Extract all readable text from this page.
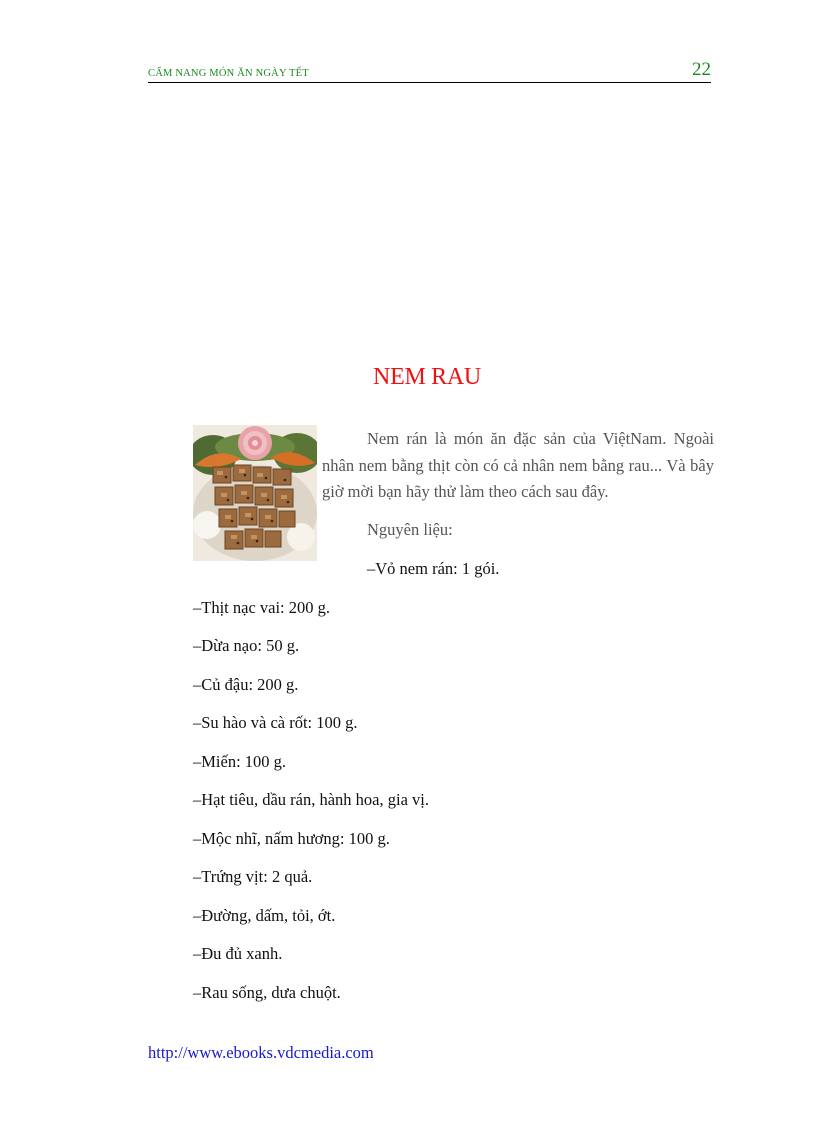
CẨM NANG MÓN ĂN NGÀY TẾT	22
NEM RAU
Nem rán là món ăn đặc sản của ViệtNam. Ngoài nhân nem bằng thịt còn có cả nhân nem bằng rau... Và bây giờ mời bạn hãy thử làm theo cách sau đây.
Nguyên liệu:
–Vỏ nem rán: 1 gói.
–Thịt nạc vai: 200 g.
–Dừa nạo: 50 g.
–Củ đậu: 200 g.
–Su hào và cà rốt: 100 g.
–Miến: 100 g.
–Hạt tiêu, dầu rán, hành hoa, gia vị.
–Mộc nhĩ, nấm hương: 100 g.
–Trứng vịt: 2 quả.
–Đường, dấm, tỏi, ớt.
–Đu đủ xanh.
–Rau sống, dưa chuột.
http://www.ebooks.vdcmedia.com
